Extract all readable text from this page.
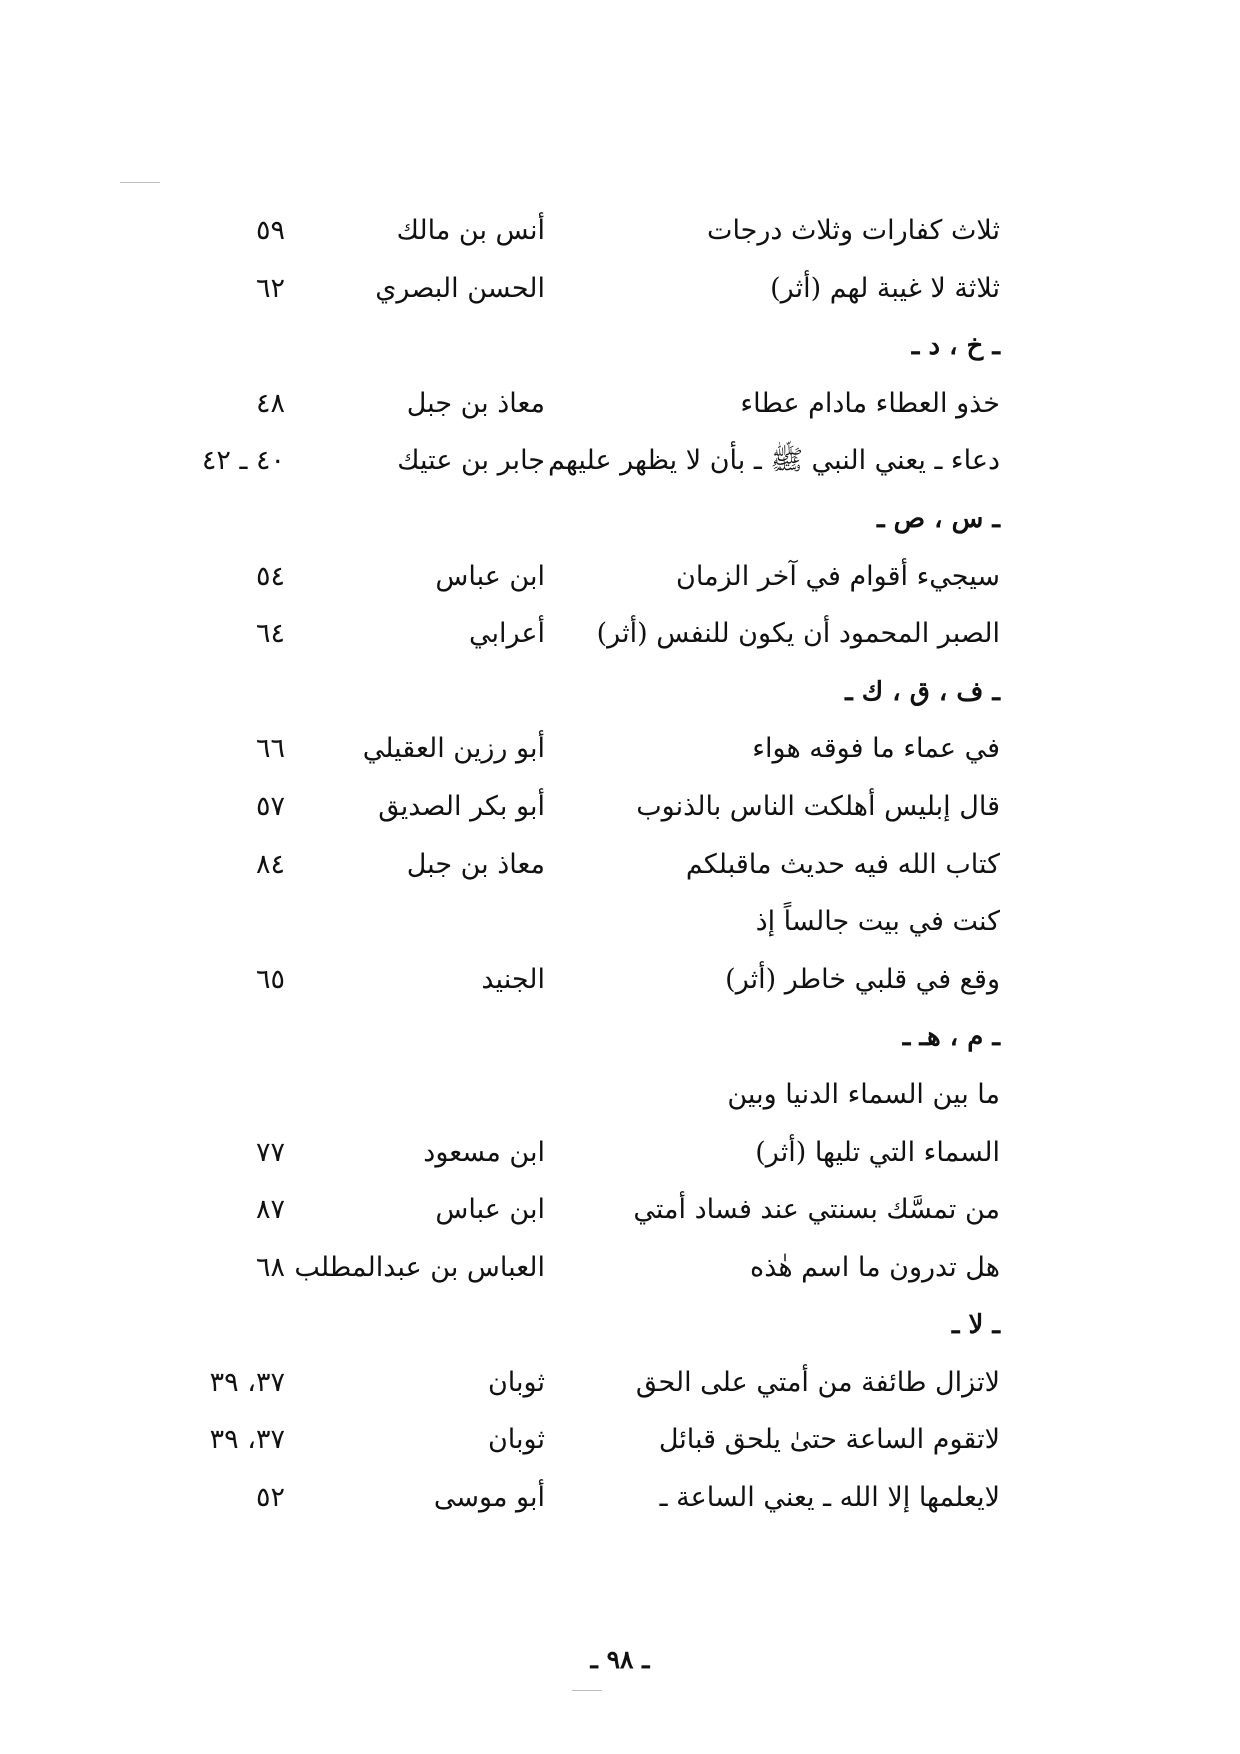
ثلاث كفارات وثلاث درجات
أنس بن مالك
٥٩
ثلاثة لا غيبة لهم (أثر)
الحسن البصري
٦٢
ـ خ ، د ـ
خذو العطاء مادام عطاء
معاذ بن جبل
٤٨
دعاء ـ يعني النبي ﷺ ـ بأن لا يظهر عليهم
جابر بن عتيك
٤٠ ـ ٤٢
ـ س ، ص ـ
سيجيء أقوام في آخر الزمان
ابن عباس
٥٤
الصبر المحمود أن يكون للنفس (أثر)
أعرابي
٦٤
ـ ف ، ق ، ك ـ
في عماء ما فوقه هواء
أبو رزين العقيلي
٦٦
قال إبليس أهلكت الناس بالذنوب
أبو بكر الصديق
٥٧
كتاب الله فيه حديث ماقبلكم
معاذ بن جبل
٨٤
كنت في بيت جالساً إذ
وقع في قلبي خاطر (أثر)
الجنيد
٦٥
ـ م ، هـ ـ
ما بين السماء الدنيا وبين
السماء التي تليها (أثر)
ابن مسعود
٧٧
من تمسَّك بسنتي عند فساد أمتي
ابن عباس
٨٧
هل تدرون ما اسم هٰذه
العباس بن عبدالمطلب
٦٨
ـ لا ـ
لاتزال طائفة من أمتي على الحق
ثوبان
٣٧، ٣٩
لاتقوم الساعة حتىٰ يلحق قبائل
ثوبان
٣٧، ٣٩
لايعلمها إلا الله ـ يعني الساعة ـ
أبو موسى
٥٢
ـ ٩٨ ـ
